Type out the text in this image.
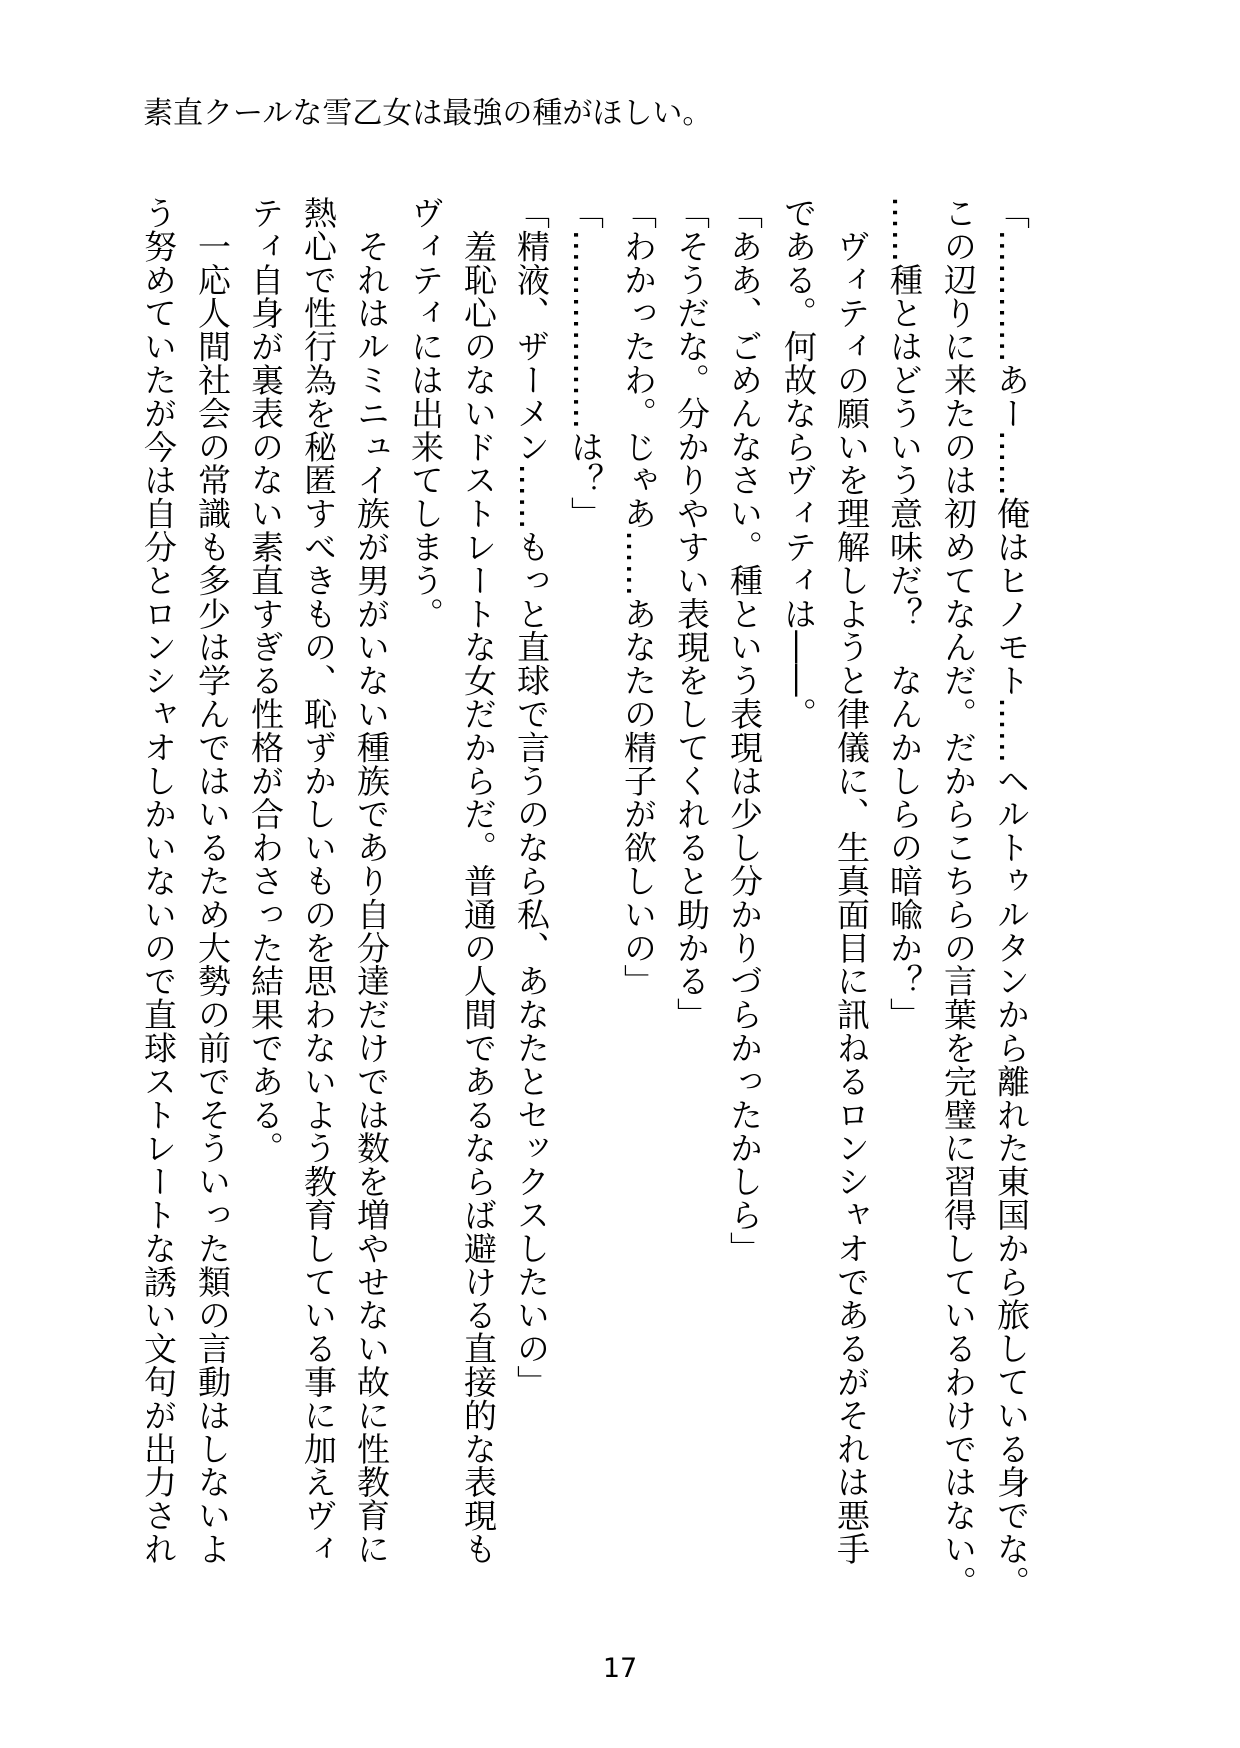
素直クールな雪乙女は最強の種がほしい。
「…………あー……俺はヒノモト……ヘルトゥルタンから離れた東国から旅している身でな。
この辺りに来たのは初めてなんだ。だからこちらの言葉を完璧に習得しているわけではない。
……種とはどういう意味だ？　なんかしらの暗喩か？」
　ヴィティの願いを理解しようと律儀に、生真面目に訊ねるロンシャオであるがそれは悪手
である。何故ならヴィティは――。
「ああ、ごめんなさい。種という表現は少し分かりづらかったかしら」
「そうだな。分かりやすい表現をしてくれると助かる」
「わかったわ。じゃあ……あなたの精子が欲しいの」
「………………は？」
「精液、ザーメン……もっと直球で言うのなら私、あなたとセックスしたいの」
　羞恥心のないドストレートな女だからだ。普通の人間であるならば避ける直接的な表現も
ヴィティには出来てしまう。
　それはルミニュイ族が男がいない種族であり自分達だけでは数を増やせない故に性教育に
熱心で性行為を秘匿すべきもの、恥ずかしいものを思わないよう教育している事に加えヴィ
ティ自身が裏表のない素直すぎる性格が合わさった結果である。
　一応人間社会の常識も多少は学んではいるため大勢の前でそういった類の言動はしないよ
う努めていたが今は自分とロンシャオしかいないので直球ストレートな誘い文句が出力され
17
